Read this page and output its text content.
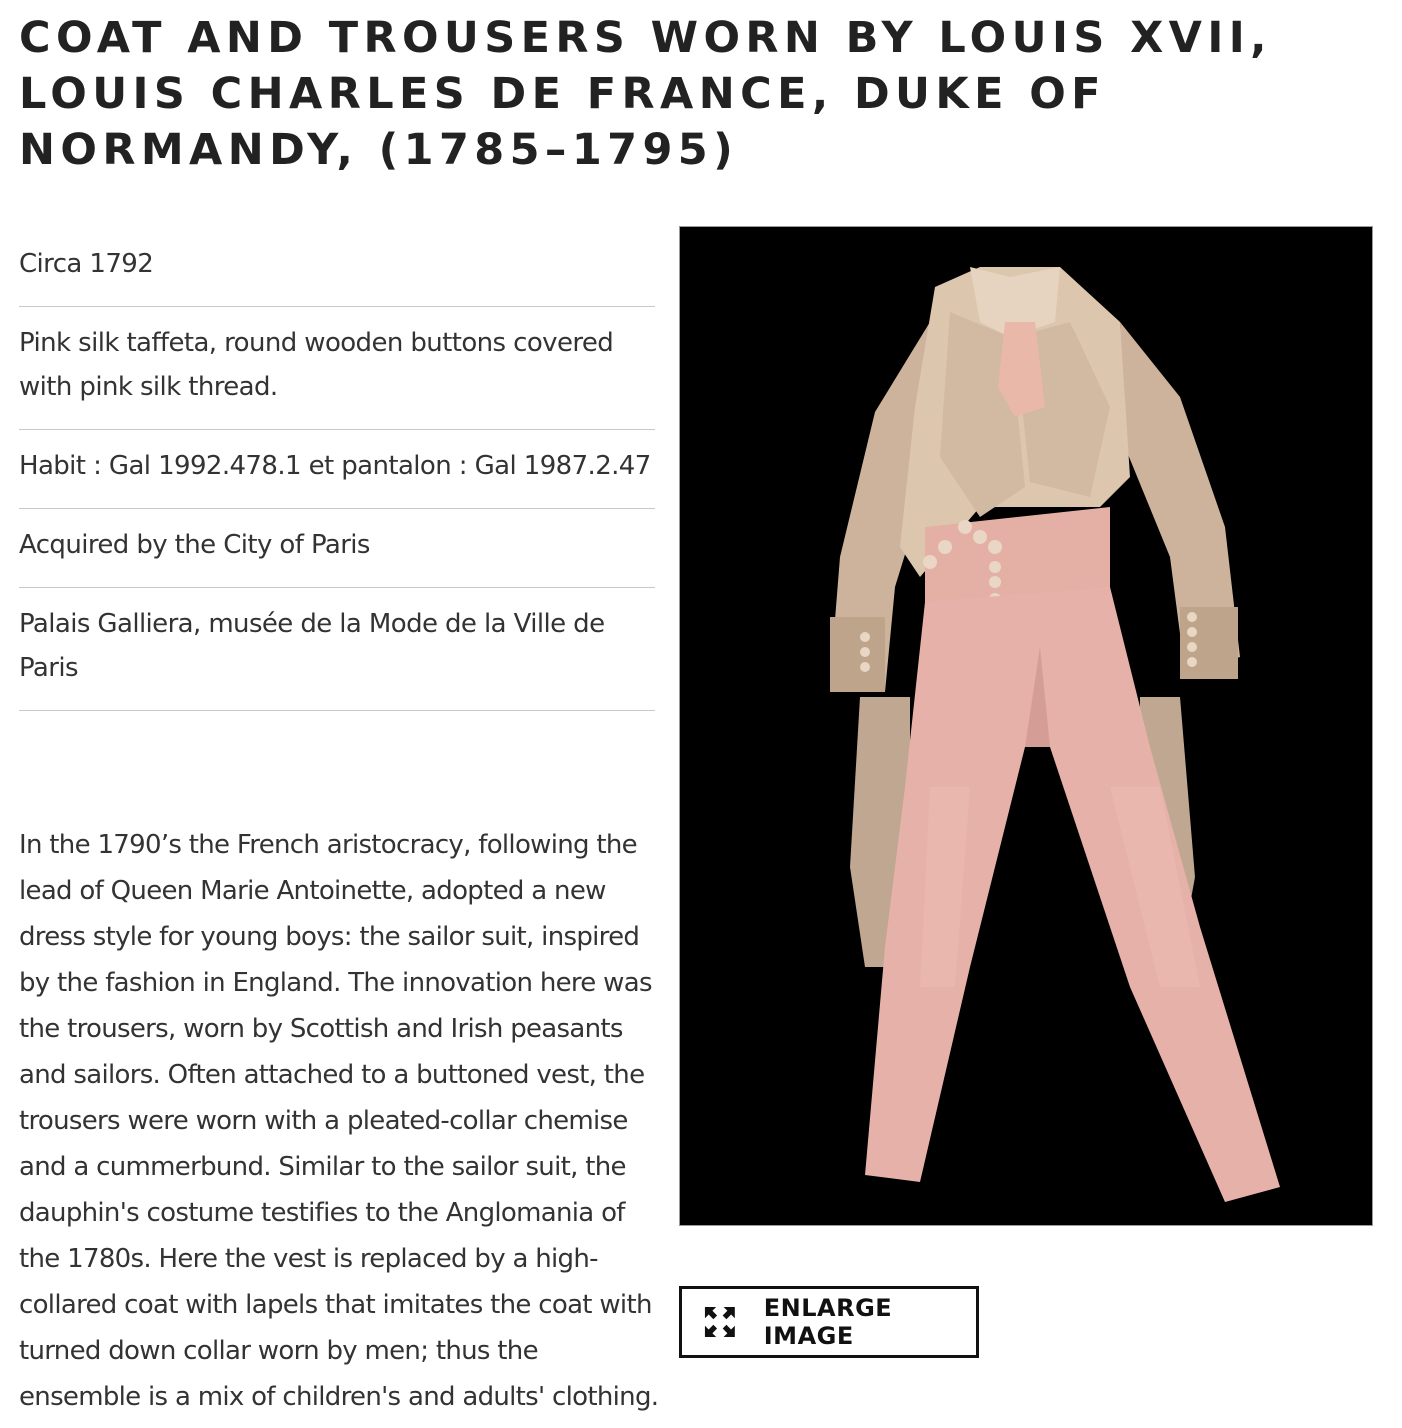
COAT AND TROUSERS WORN BY LOUIS XVII, LOUIS CHARLES DE FRANCE, DUKE OF NORMANDY, (1785–1795)
Circa 1792
Pink silk taffeta, round wooden buttons covered with pink silk thread.
Habit : Gal 1992.478.1 et pantalon : Gal 1987.2.47
Acquired by the City of Paris
Palais Galliera, musée de la Mode de la Ville de Paris

In the 1790’s the French aristocracy, following the lead of Queen Marie Antoinette, adopted a new dress style for young boys: the sailor suit, inspired by the fashion in England. The innovation here was the trousers, worn by Scottish and Irish peasants and sailors. Often attached to a buttoned vest, the trousers were worn with a pleated-collar chemise and a cummerbund. Similar to the sailor suit, the dauphin's costume testifies to the Anglomania of the 1780s. Here the vest is replaced by a high-collared coat with lapels that imitates the coat with turned down collar worn by men; thus the ensemble is a mix of children's and adults' clothing.

ENLARGE IMAGE
